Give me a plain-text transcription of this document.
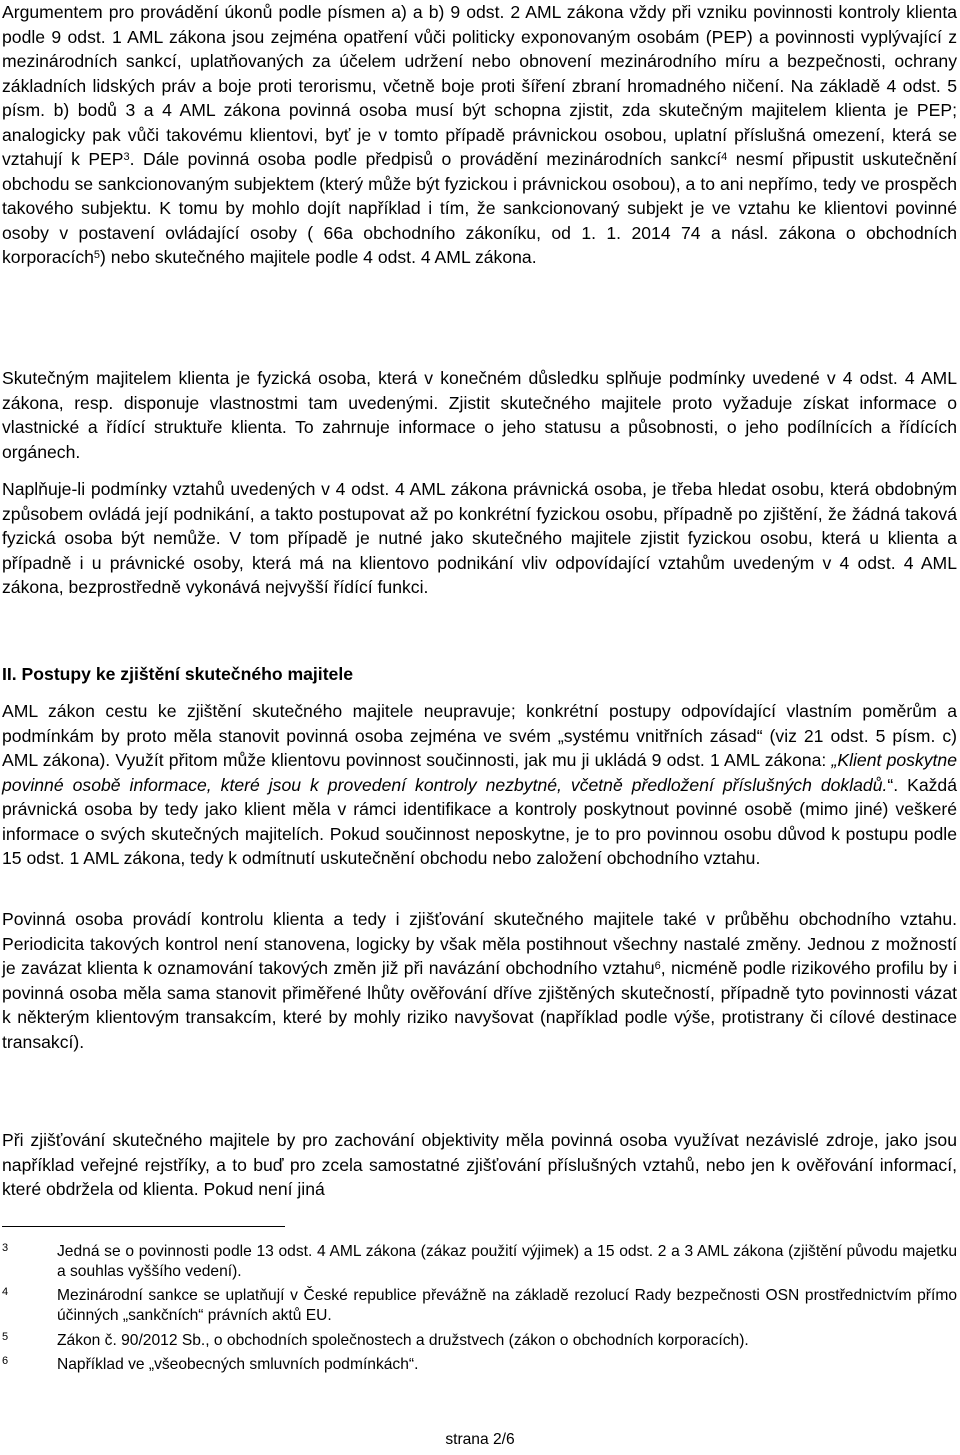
Argumentem pro provádění úkonů podle písmen a) a b) 9 odst. 2 AML zákona vždy při vzniku povinnosti kontroly klienta podle 9 odst. 1 AML zákona jsou zejména opatření vůči politicky exponovaným osobám (PEP) a povinnosti vyplývající z mezinárodních sankcí, uplatňovaných za účelem udržení nebo obnovení mezinárodního míru a bezpečnosti, ochrany základních lidských práv a boje proti terorismu, včetně boje proti šíření zbraní hromadného ničení. Na základě 4 odst. 5 písm. b) bodů 3 a 4 AML zákona povinná osoba musí být schopna zjistit, zda skutečným majitelem klienta je PEP; analogicky pak vůči takovému klientovi, byť je v tomto případě právnickou osobou, uplatní příslušná omezení, která se vztahují k PEP$^3$. Dále povinná osoba podle předpisů o provádění mezinárodních sankcí$^4$ nesmí připustit uskutečnění obchodu se sankcionovaným subjektem (který může být fyzickou i právnickou osobou), a to ani nepřímo, tedy ve prospěch takového subjektu. K tomu by mohlo dojít například i tím, že sankcionovaný subjekt je ve vztahu ke klientovi povinné osoby v postavení ovládající osoby ( 66a obchodního zákoníku, od 1. 1. 2014 74 a násl. zákona o obchodních korporacích$^5$) nebo skutečného majitele podle 4 odst. 4 AML zákona.

Skutečným majitelem klienta je fyzická osoba, která v konečném důsledku splňuje podmínky uvedené v 4 odst. 4 AML zákona, resp. disponuje vlastnostmi tam uvedenými. Zjistit skutečného majitele proto vyžaduje získat informace o vlastnické a řídící struktuře klienta. To zahrnuje informace o jeho statusu a působnosti, o jeho podílnících a řídících orgánech.

Naplňuje-li podmínky vztahů uvedených v 4 odst. 4 AML zákona právnická osoba, je třeba hledat osobu, která obdobným způsobem ovládá její podnikání, a takto postupovat až po konkrétní fyzickou osobu, případně po zjištění, že žádná taková fyzická osoba být nemůže. V tom případě je nutné jako skutečného majitele zjistit fyzickou osobu, která u klienta a případně i u právnické osoby, která má na klientovo podnikání vliv odpovídající vztahům uvedeným v 4 odst. 4 AML zákona, bezprostředně vykonává nejvyšší řídící funkci.

II. Postupy ke zjištění skutečného majitele

AML zákon cestu ke zjištění skutečného majitele neupravuje; konkrétní postupy odpovídající vlastním poměrům a podmínkám by proto měla stanovit povinná osoba zejména ve svém „systému vnitřních zásad“ (viz 21 odst. 5 písm. c) AML zákona). Využít přitom může klientovu povinnost součinnosti, jak mu ji ukládá 9 odst. 1 AML zákona: „Klient poskytne povinné osobě informace, které jsou k provedení kontroly nezbytné, včetně předložení příslušných dokladů.“. Každá právnická osoba by tedy jako klient měla v rámci identifikace a kontroly poskytnout povinné osobě (mimo jiné) veškeré informace o svých skutečných majitelích. Pokud součinnost neposkytne, je to pro povinnou osobu důvod k postupu podle 15 odst. 1 AML zákona, tedy k odmítnutí uskutečnění obchodu nebo založení obchodního vztahu.

Povinná osoba provádí kontrolu klienta a tedy i zjišťování skutečného majitele také v průběhu obchodního vztahu. Periodicita takových kontrol není stanovena, logicky by však měla postihnout všechny nastalé změny. Jednou z možností je zavázat klienta k oznamování takových změn již při navázání obchodního vztahu$^6$, nicméně podle rizikového profilu by i povinná osoba měla sama stanovit přiměřené lhůty ověřování dříve zjištěných skutečností, případně tyto povinnosti vázat k některým klientovým transakcím, které by mohly riziko navyšovat (například podle výše, protistrany či cílové destinace transakcí).

Při zjišťování skutečného majitele by pro zachování objektivity měla povinná osoba využívat nezávislé zdroje, jako jsou například veřejné rejstříky, a to buď pro zcela samostatné zjišťování příslušných vztahů, nebo jen k ověřování informací, které obdržela od klienta. Pokud není jiná

3	Jedná se o povinnosti podle 13 odst. 4 AML zákona (zákaz použití výjimek) a 15 odst. 2 a 3 AML zákona (zjištění původu majetku a souhlas vyššího vedení).
4	Mezinárodní sankce se uplatňují v České republice převážně na základě rezolucí Rady bezpečnosti OSN prostřednictvím přímo účinných „sankčních“ právních aktů EU.
5	Zákon č. 90/2012 Sb., o obchodních společnostech a družstvech (zákon o obchodních korporacích).
6	Například ve „všeobecných smluvních podmínkách“.
strana 2/6
